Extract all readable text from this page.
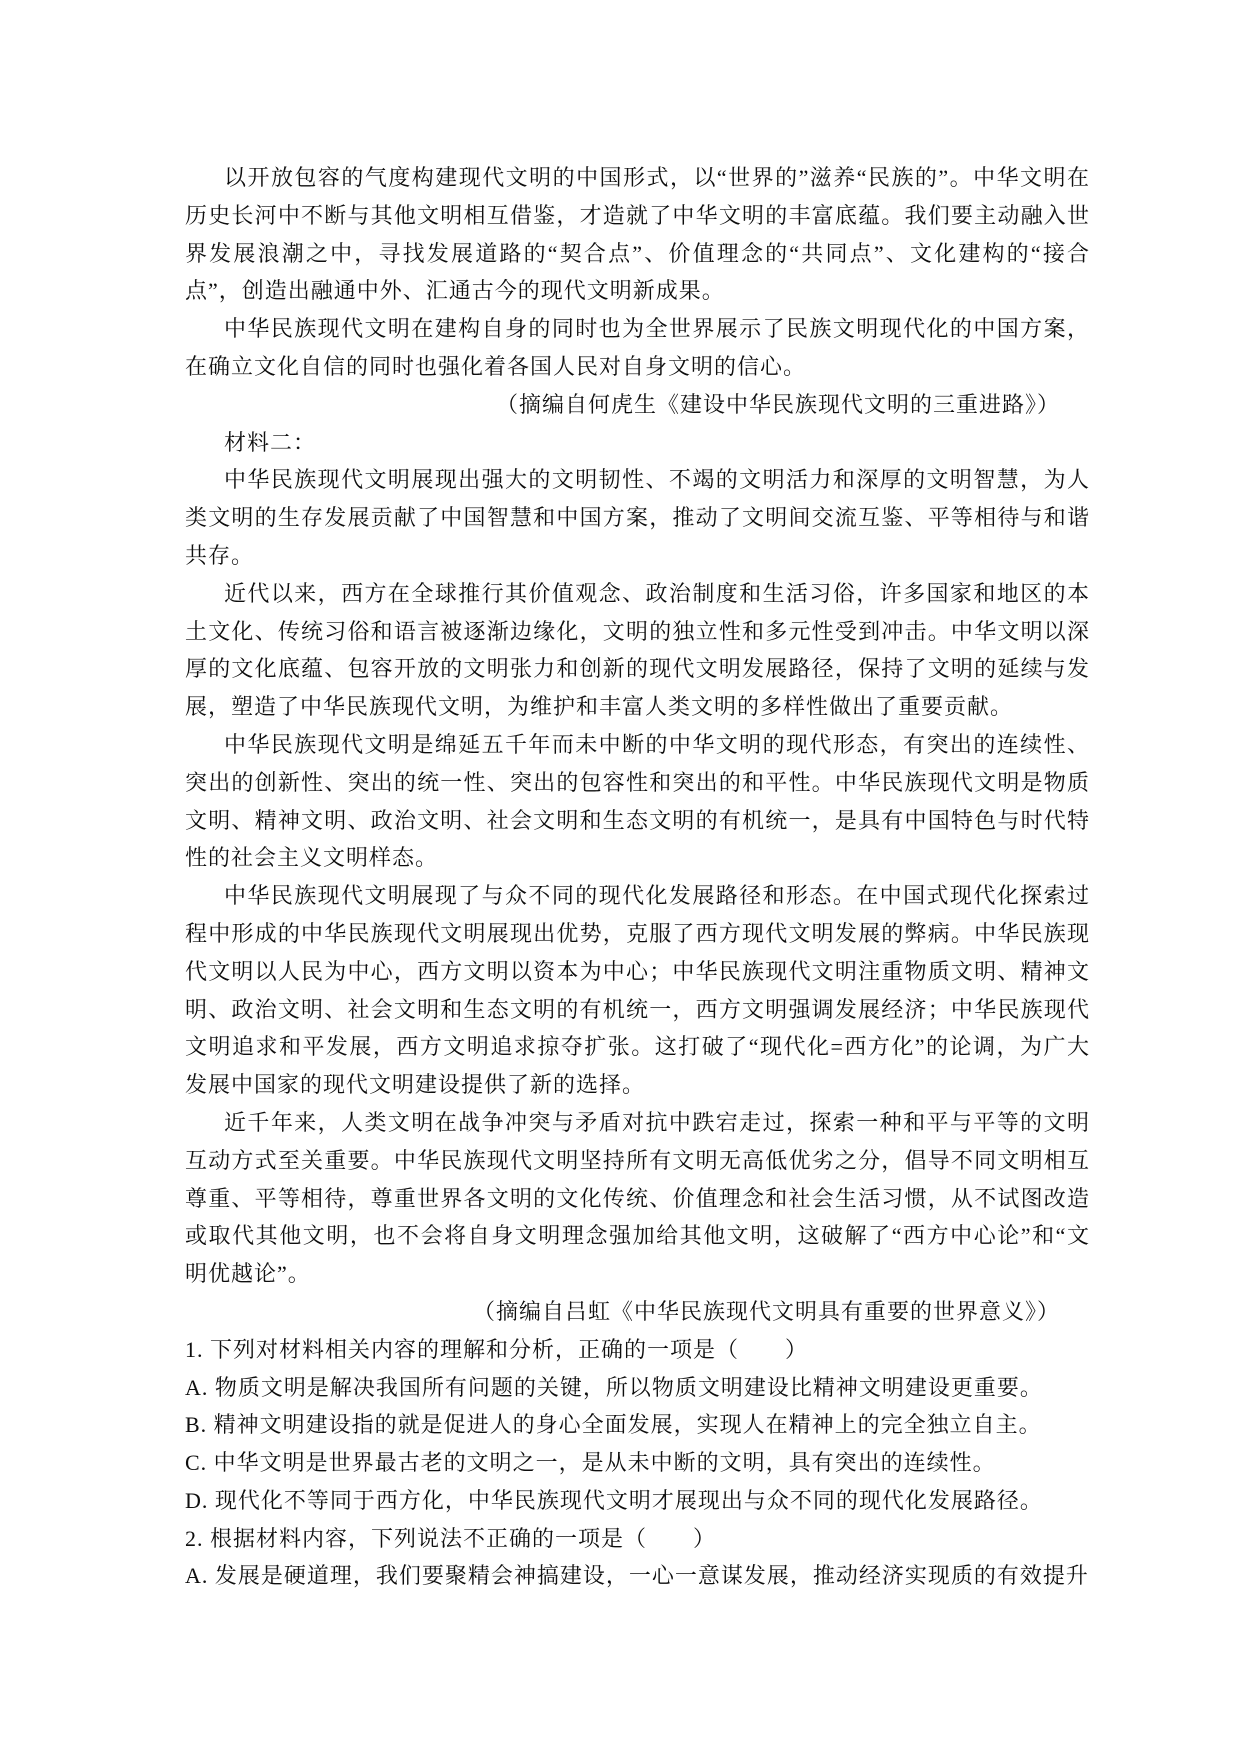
以开放包容的气度构建现代文明的中国形式，以“世界的”滋养“民族的”。中华文明在历史长河中不断与其他文明相互借鉴，才造就了中华文明的丰富底蕴。我们要主动融入世界发展浪潮之中，寻找发展道路的“契合点”、价值理念的“共同点”、文化建构的“接合点”，创造出融通中外、汇通古今的现代文明新成果。

中华民族现代文明在建构自身的同时也为全世界展示了民族文明现代化的中国方案，在确立文化自信的同时也强化着各国人民对自身文明的信心。

（摘编自何虎生《建设中华民族现代文明的三重进路》）

材料二：

中华民族现代文明展现出强大的文明韧性、不竭的文明活力和深厚的文明智慧，为人类文明的生存发展贡献了中国智慧和中国方案，推动了文明间交流互鉴、平等相待与和谐共存。

近代以来，西方在全球推行其价值观念、政治制度和生活习俗，许多国家和地区的本土文化、传统习俗和语言被逐渐边缘化，文明的独立性和多元性受到冲击。中华文明以深厚的文化底蕴、包容开放的文明张力和创新的现代文明发展路径，保持了文明的延续与发展，塑造了中华民族现代文明，为维护和丰富人类文明的多样性做出了重要贡献。

中华民族现代文明是绵延五千年而未中断的中华文明的现代形态，有突出的连续性、突出的创新性、突出的统一性、突出的包容性和突出的和平性。中华民族现代文明是物质文明、精神文明、政治文明、社会文明和生态文明的有机统一，是具有中国特色与时代特性的社会主义文明样态。

中华民族现代文明展现了与众不同的现代化发展路径和形态。在中国式现代化探索过程中形成的中华民族现代文明展现出优势，克服了西方现代文明发展的弊病。中华民族现代文明以人民为中心，西方文明以资本为中心；中华民族现代文明注重物质文明、精神文明、政治文明、社会文明和生态文明的有机统一，西方文明强调发展经济；中华民族现代文明追求和平发展，西方文明追求掠夺扩张。这打破了“现代化=西方化”的论调，为广大发展中国家的现代文明建设提供了新的选择。

近千年来，人类文明在战争冲突与矛盾对抗中跌宕走过，探索一种和平与平等的文明互动方式至关重要。中华民族现代文明坚持所有文明无高低优劣之分，倡导不同文明相互尊重、平等相待，尊重世界各文明的文化传统、价值理念和社会生活习惯，从不试图改造或取代其他文明，也不会将自身文明理念强加给其他文明，这破解了“西方中心论”和“文明优越论”。

（摘编自吕虹《中华民族现代文明具有重要的世界意义》）

1. 下列对材料相关内容的理解和分析，正确的一项是（　　）

A. 物质文明是解决我国所有问题的关键，所以物质文明建设比精神文明建设更重要。

B. 精神文明建设指的就是促进人的身心全面发展，实现人在精神上的完全独立自主。

C. 中华文明是世界最古老的文明之一，是从未中断的文明，具有突出的连续性。

D. 现代化不等同于西方化，中华民族现代文明才展现出与众不同的现代化发展路径。

2. 根据材料内容，下列说法不正确的一项是（　　）

A. 发展是硬道理，我们要聚精会神搞建设，一心一意谋发展，推动经济实现质的有效提升
